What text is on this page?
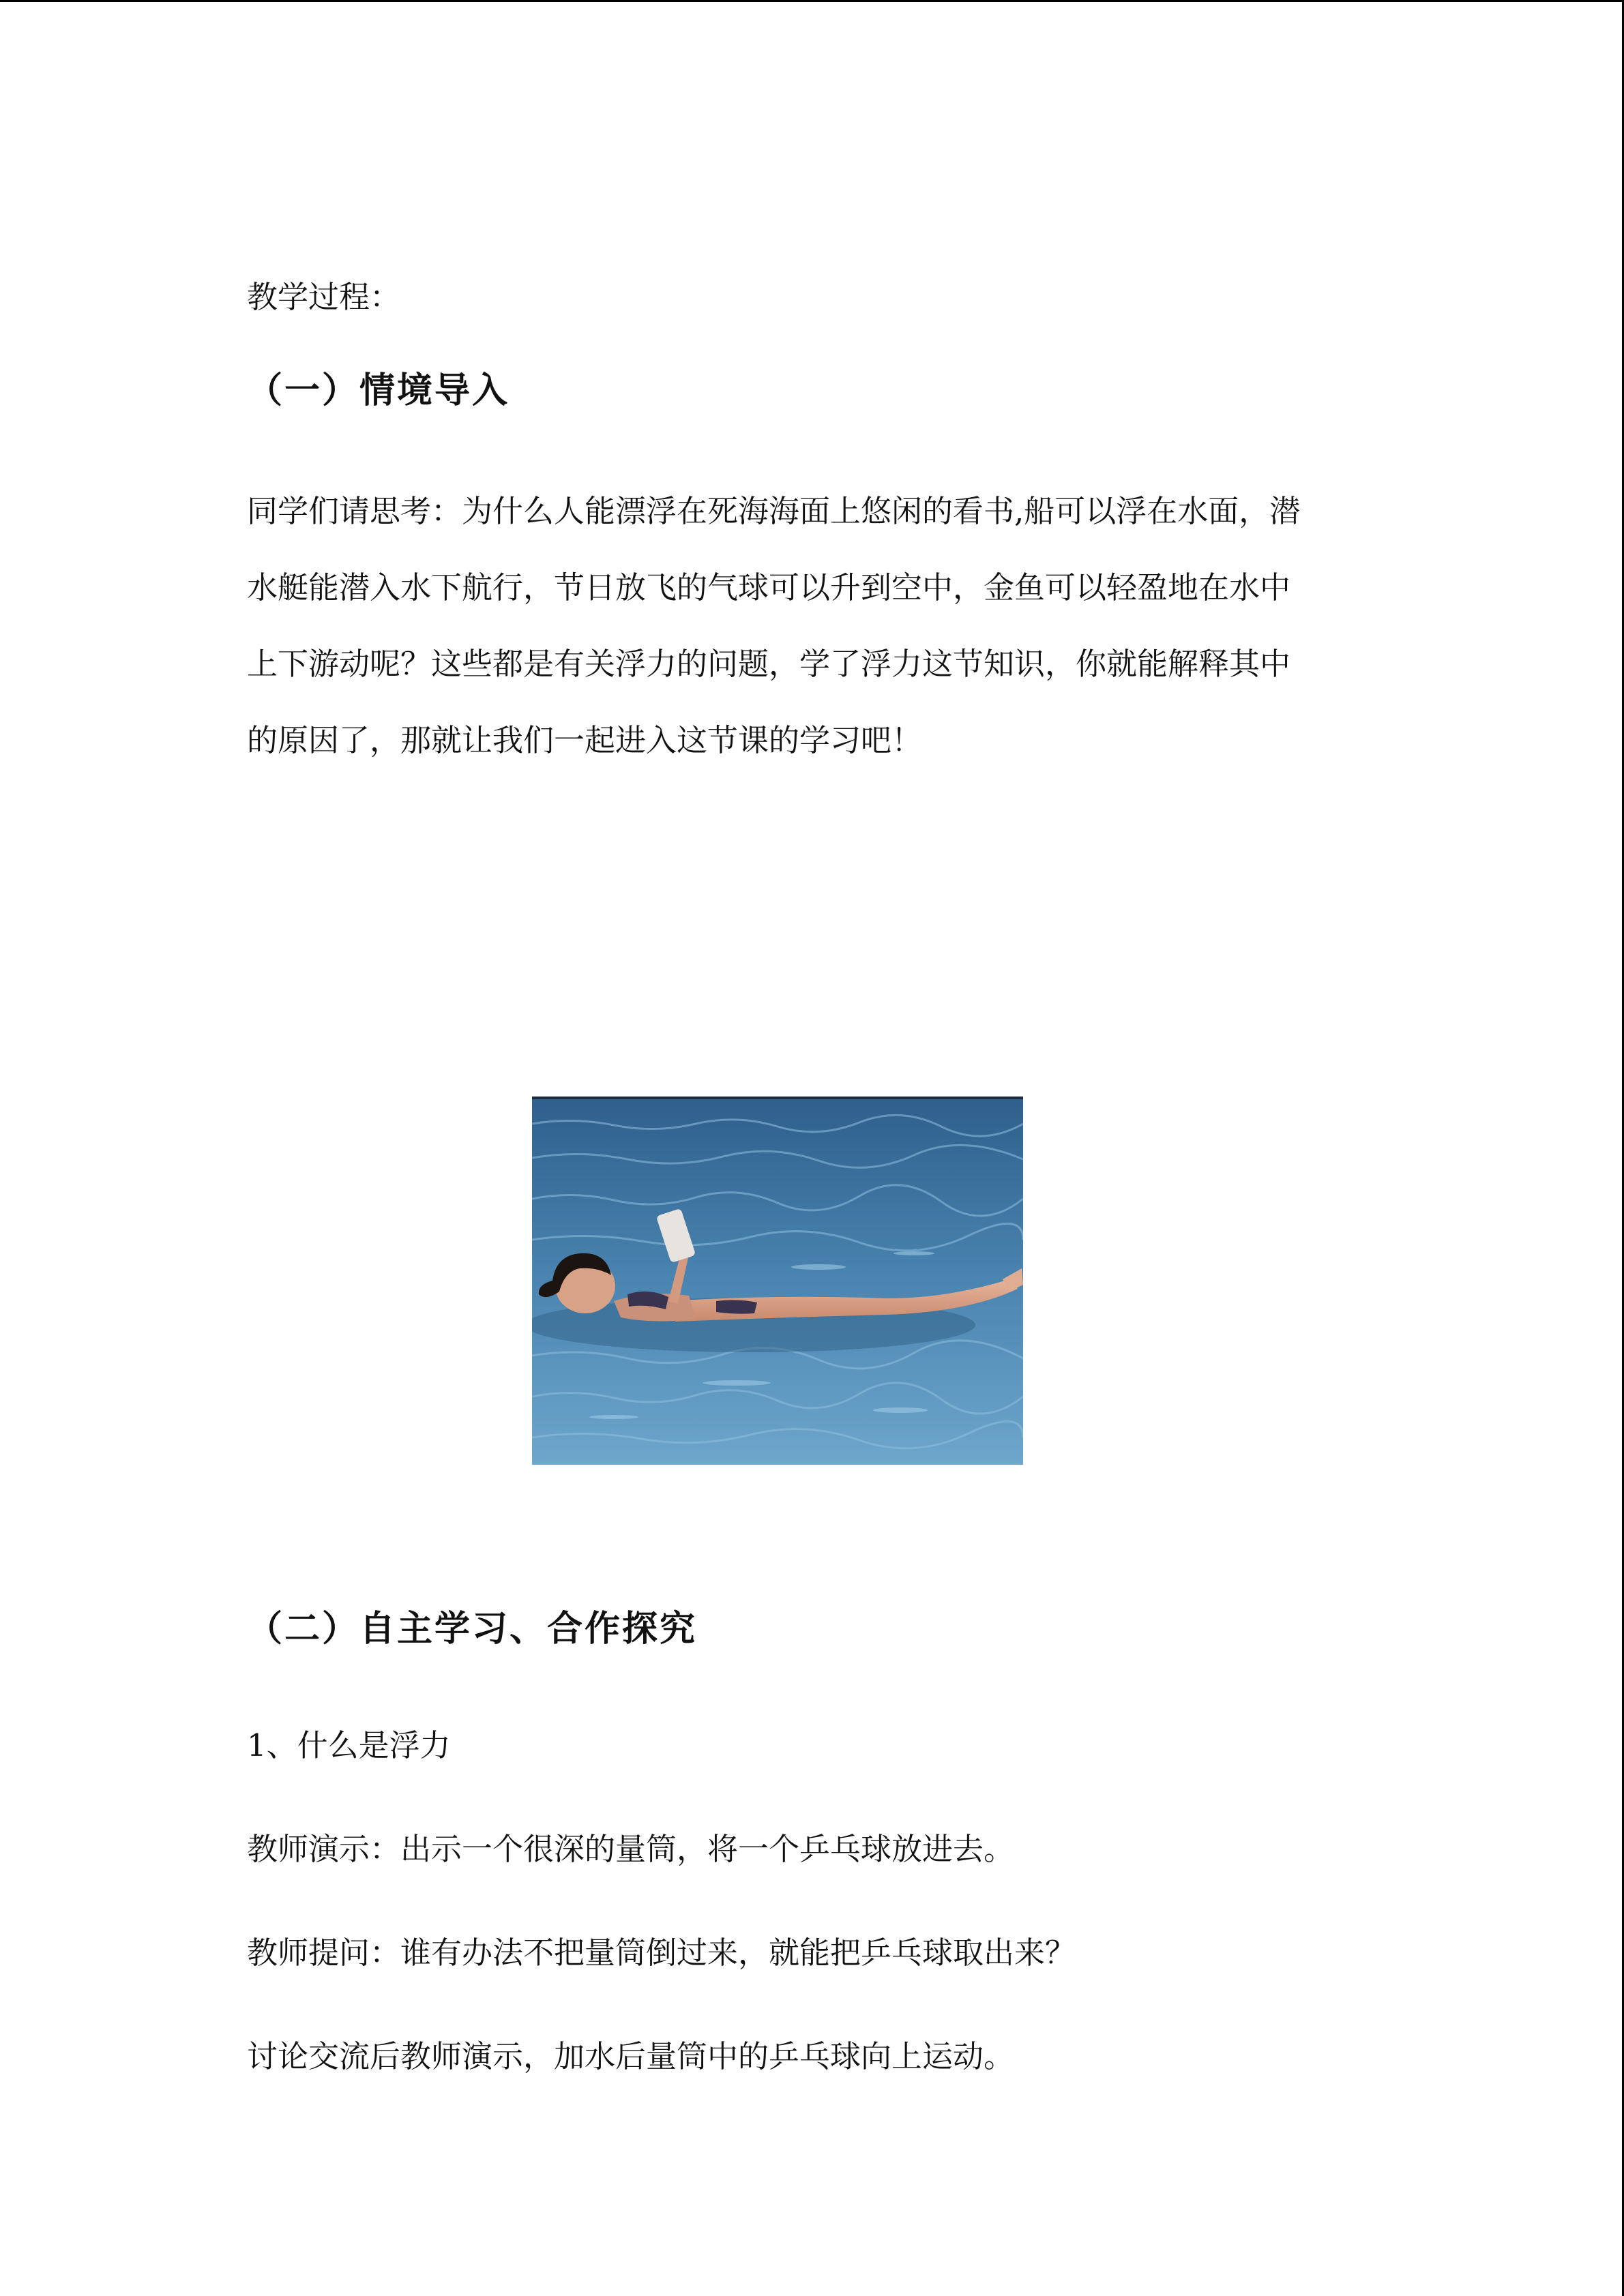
教学过程：
（一）情境导入
同学们请思考：为什么人能漂浮在死海海面上悠闲的看书,船可以浮在水面，潜
水艇能潜入水下航行，节日放飞的气球可以升到空中，金鱼可以轻盈地在水中
上下游动呢？这些都是有关浮力的问题，学了浮力这节知识，你就能解释其中
的原因了，那就让我们一起进入这节课的学习吧！
（二）自主学习、合作探究
1、什么是浮力
教师演示：出示一个很深的量筒，将一个乒乓球放进去。
教师提问：谁有办法不把量筒倒过来，就能把乒乓球取出来？
讨论交流后教师演示，加水后量筒中的乒乓球向上运动。
